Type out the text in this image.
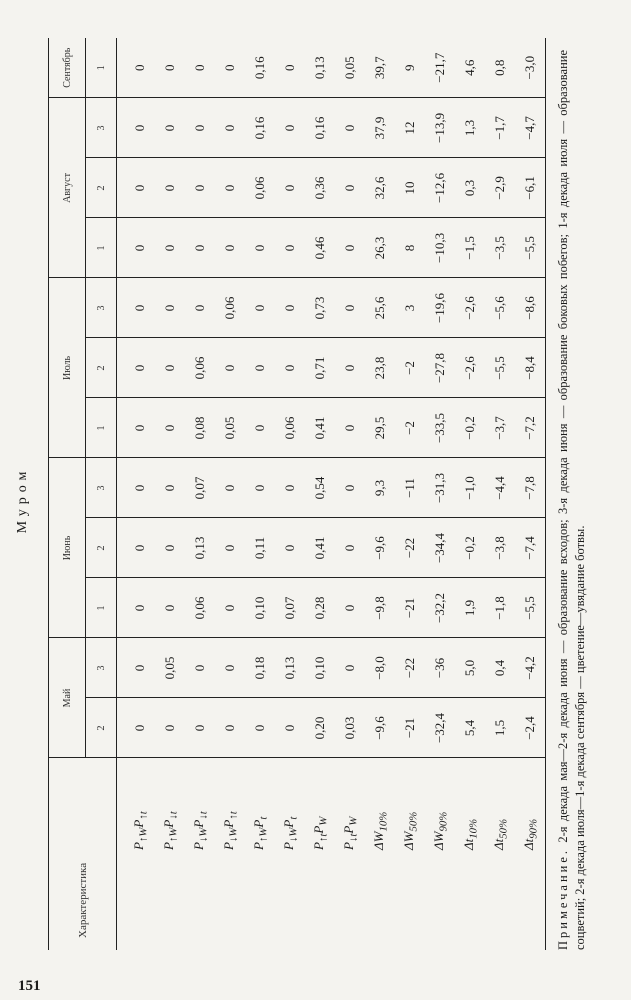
Муром
Характеристика	Май		Июнь			Июль			Август			Сентябрь
	2	3	1	2	3	1	2	3	1	2	3	1
$P_{↑W}P_{↑t}$	0	0	0	0	0	0	0	0	0	0	0	0
$P_{↑W}P_{↓t}$	0	0,05	0	0	0	0	0	0	0	0	0	0
$P_{↓W}P_{↓t}$	0	0	0,06	0,13	0,07	0,08	0,06	0	0	0	0	0
$P_{↓W}P_{↑t}$	0	0	0	0	0	0,05	0	0,06	0	0	0	0
$P_{↑W}P_t$	0	0,18	0,10	0,11	0	0	0	0	0	0,06	0,16	0,16
$P_{↓W}P_t$	0	0,13	0,07	0	0	0,06	0	0	0	0	0	0
$P_{↑t}P_W$	0,20	0,10	0,28	0,41	0,54	0,41	0,71	0,73	0,46	0,36	0,16	0,13
$P_{↓t}P_W$	0,03	0	0	0	0	0	0	0	0	0	0	0,05
$\Delta W_{10\%}$	−9,6	−8,0	−9,8	−9,6	9,3	29,5	23,8	25,6	26,3	32,6	37,9	39,7
$\Delta W_{50\%}$	−21	−22	−21	−22	−11	−2	−2	3	8	10	12	9
$\Delta W_{90\%}$	−32,4	−36	−32,2	−34,4	−31,3	−33,5	−27,8	−19,6	−10,3	−12,6	−13,9	−21,7
$\Delta t_{10\%}$	5,4	5,0	1,9	−0,2	−1,0	−0,2	−2,6	−2,6	−1,5	0,3	1,3	4,6
$\Delta t_{50\%}$	1,5	0,4	−1,8	−3,8	−4,4	−3,7	−5,5	−5,6	−3,5	−2,9	−1,7	0,8
$\Delta t_{90\%}$	−2,4	−4,2	−5,5	−7,4	−7,8	−7,2	−8,4	−8,6	−5,5	−6,1	−4,7	−3,0
Примечание. 2-я декада мая—2-я декада июня — образование всходов; 3-я декада июня — образование боковых побегов; 1-я декада июля — образование соцветий; 2-я декада июля—1-я декада сентября — цветение—увядание ботвы.
151
